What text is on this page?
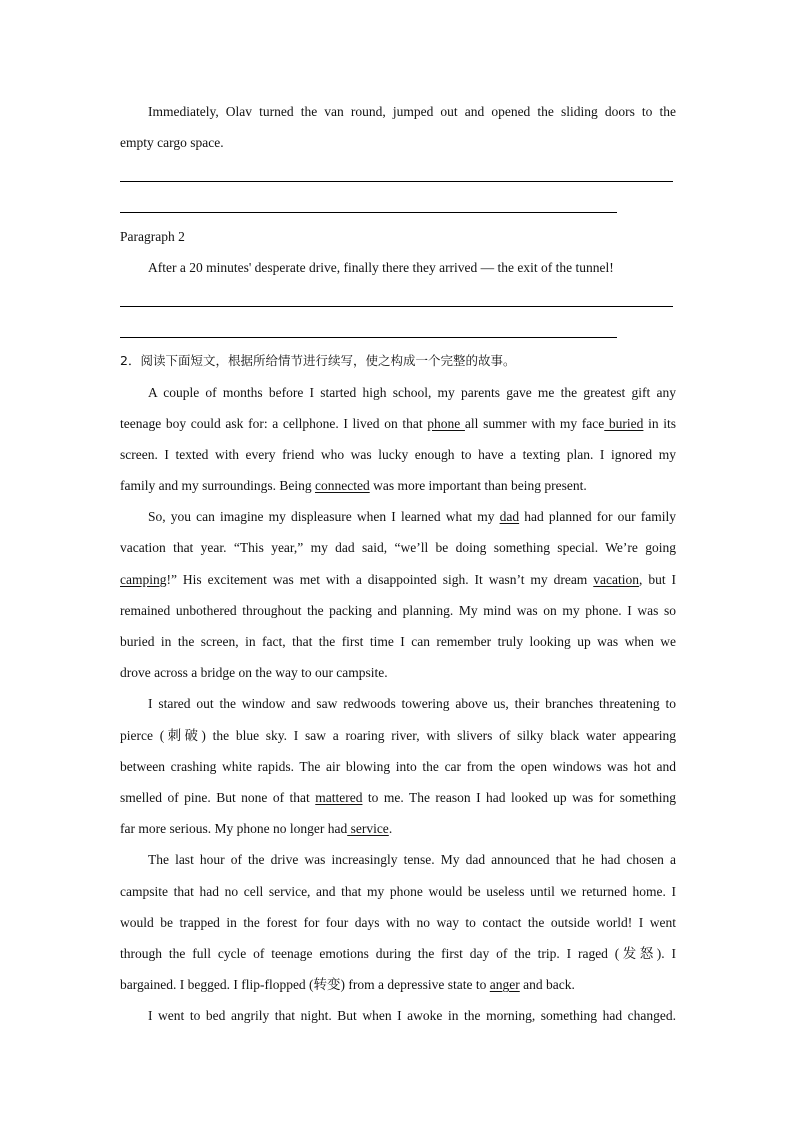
Immediately, Olav turned the van round, jumped out and opened the sliding doors to the
empty cargo space.
Paragraph 2
After a 20 minutes' desperate drive, finally there they arrived — the exit of the tunnel!
2．阅读下面短文，根据所给情节进行续写，使之构成一个完整的故事。
A couple of months before I started high school, my parents gave me the greatest gift any
teenage boy could ask for: a cellphone. I lived on that phone all summer with my face buried in its
screen. I texted with every friend who was lucky enough to have a texting plan. I ignored my
family and my surroundings. Being connected was more important than being present.
So, you can imagine my displeasure when I learned what my dad had planned for our family
vacation that year. “This year,” my dad said, “we’ll be doing something special. We’re going
camping!” His excitement was met with a disappointed sigh. It wasn’t my dream vacation, but I
remained unbothered throughout the packing and planning. My mind was on my phone. I was so
buried in the screen, in fact, that the first time I can remember truly looking up was when we
drove across a bridge on the way to our campsite.
I stared out the window and saw redwoods towering above us, their branches threatening to
pierce (刺破) the blue sky. I saw a roaring river, with slivers of silky black water appearing
between crashing white rapids. The air blowing into the car from the open windows was hot and
smelled of pine. But none of that mattered to me. The reason I had looked up was for something
far more serious. My phone no longer had service.
The last hour of the drive was increasingly tense. My dad announced that he had chosen a
campsite that had no cell service, and that my phone would be useless until we returned home. I
would be trapped in the forest for four days with no way to contact the outside world! I went
through the full cycle of teenage emotions during the first day of the trip. I raged (发怒). I
bargained. I begged. I flip-flopped (转变) from a depressive state to anger and back.
I went to bed angrily that night. But when I awoke in the morning, something had changed.
